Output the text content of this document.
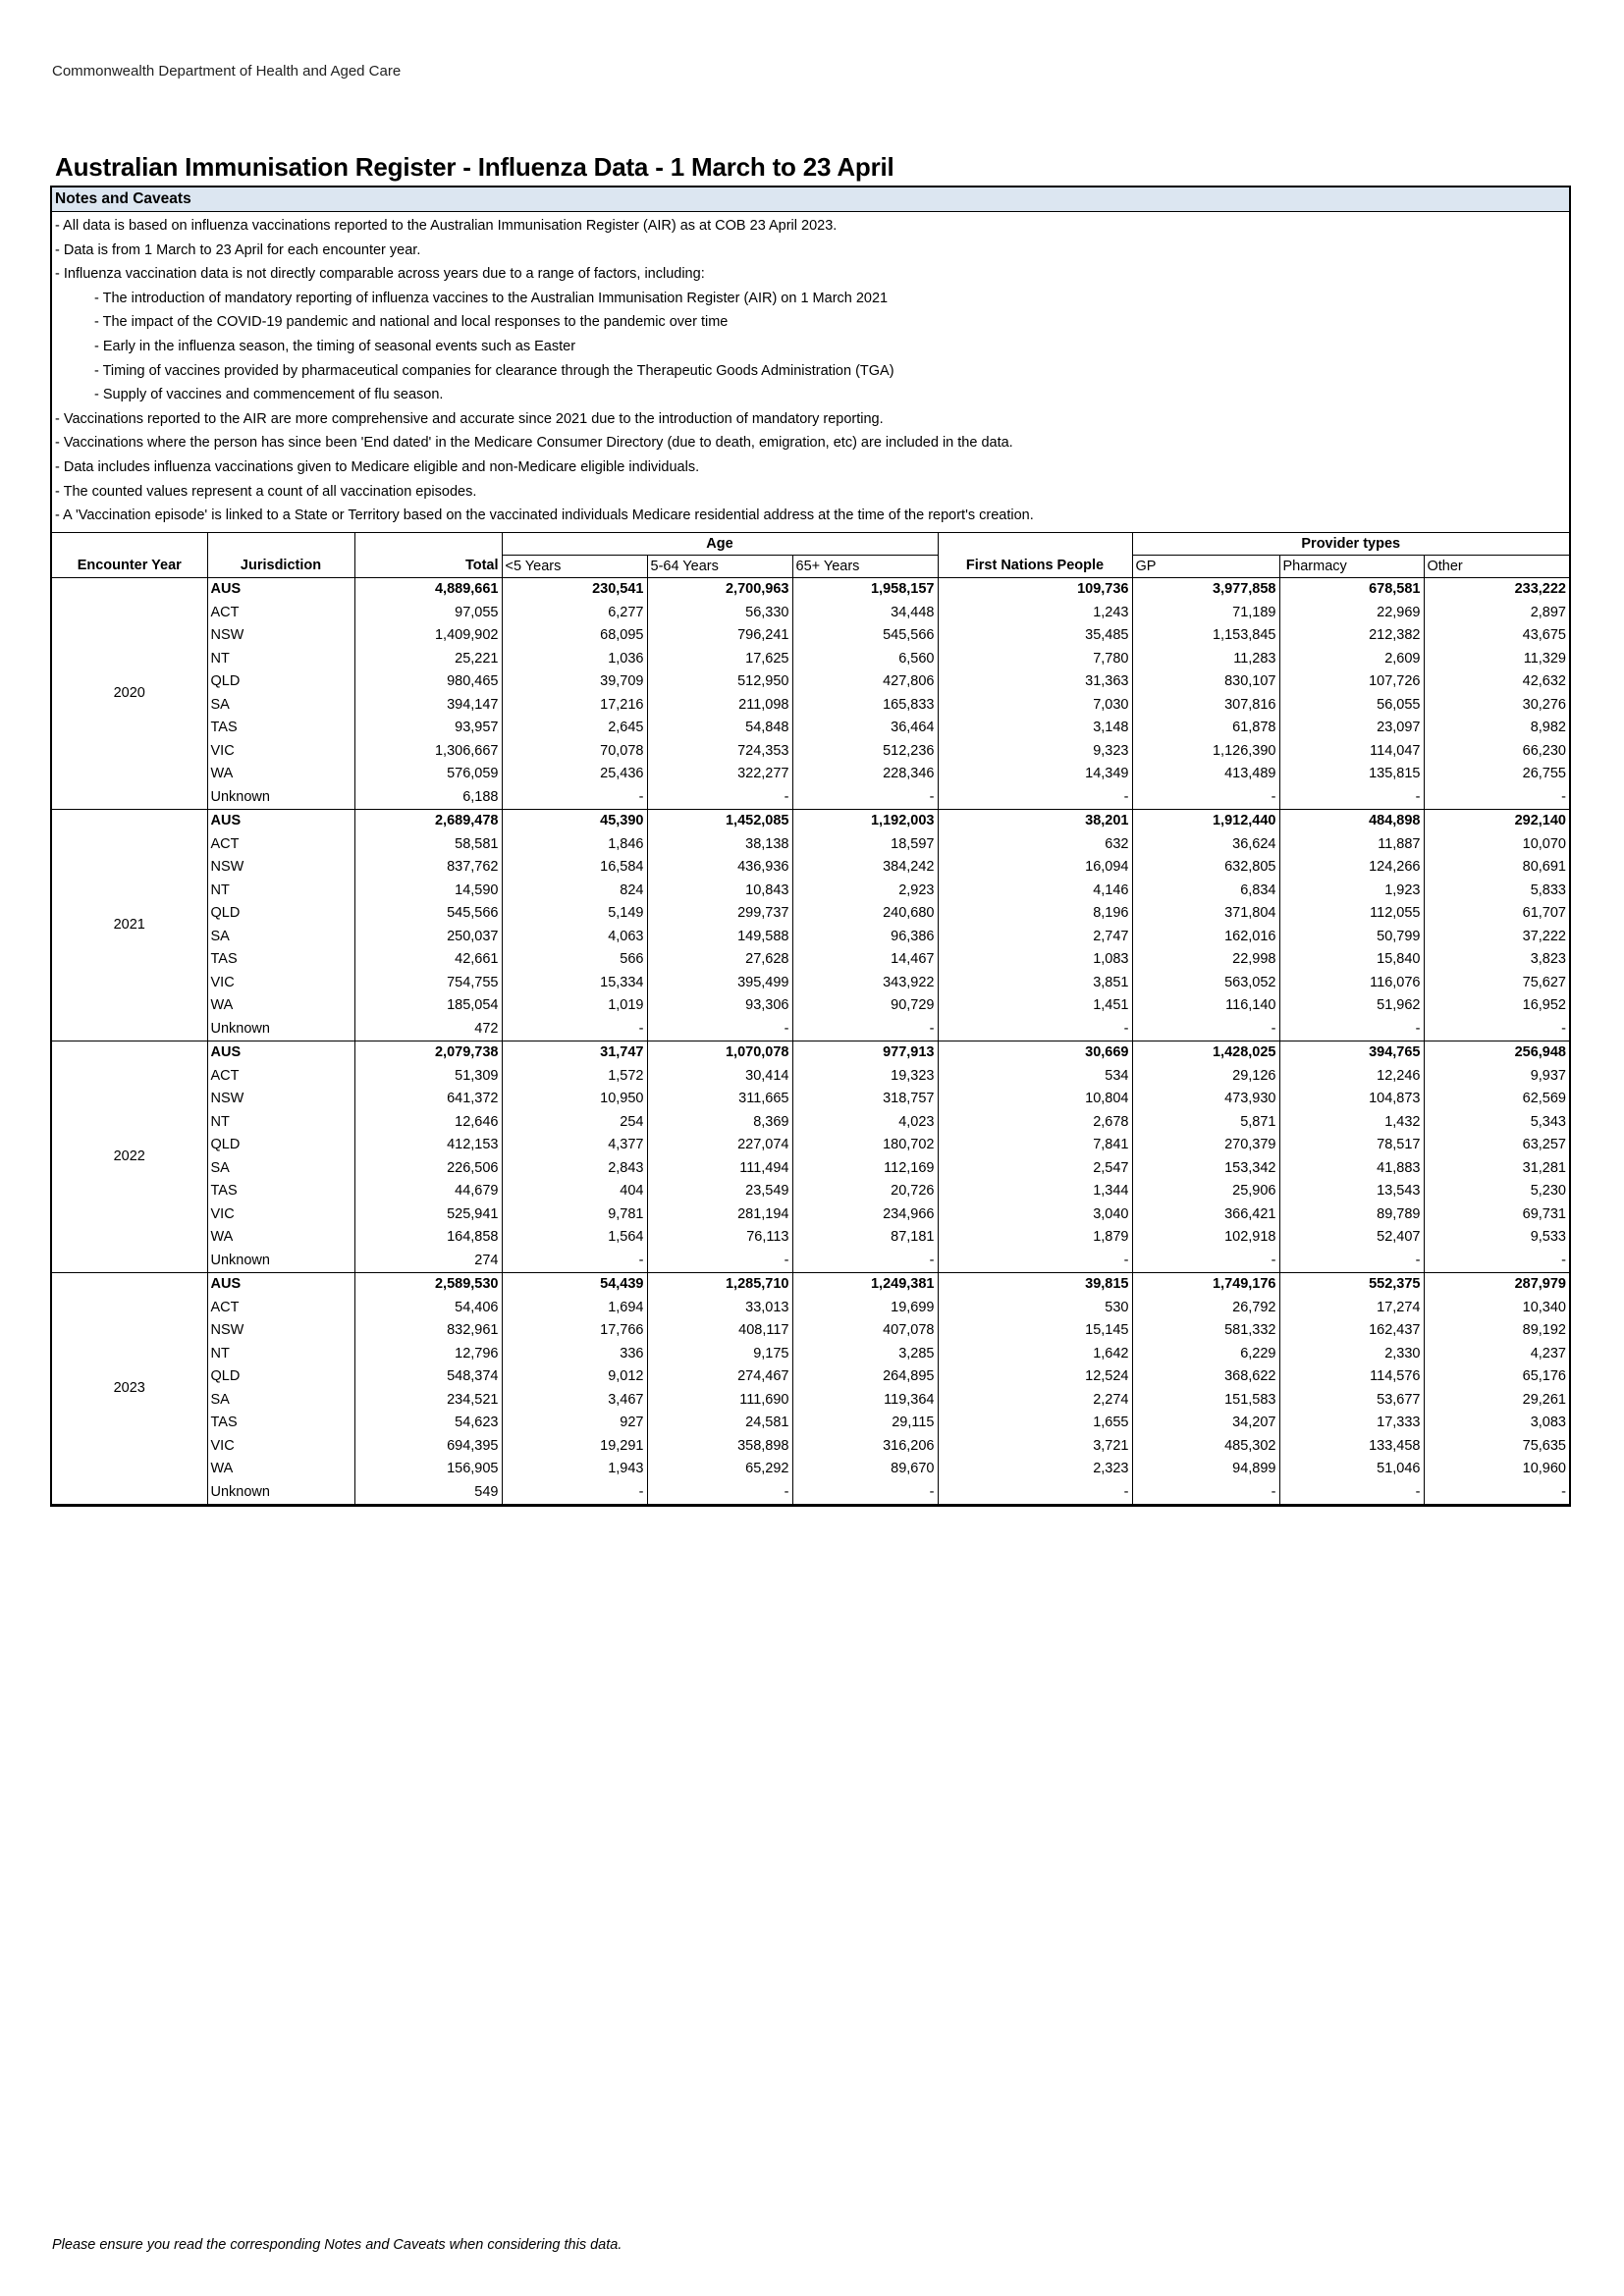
Commonwealth Department of Health and Aged Care
Australian Immunisation Register - Influenza Data - 1 March to 23 April
Notes and Caveats
- All data is based on influenza vaccinations reported to the Australian Immunisation Register (AIR) as at COB 23 April 2023.
- Data is from 1 March to 23 April for each encounter year.
- Influenza vaccination data is not directly comparable across years due to a range of factors, including:
- The introduction of mandatory reporting of influenza vaccines to the Australian Immunisation Register (AIR) on 1 March 2021
- The impact of the COVID-19 pandemic and national and local responses to the pandemic over time
- Early in the influenza season, the timing of seasonal events such as Easter
- Timing of vaccines provided by pharmaceutical companies for clearance through the Therapeutic Goods Administration (TGA)
- Supply of vaccines and commencement of flu season.
- Vaccinations reported to the AIR are more comprehensive and accurate since 2021 due to the introduction of mandatory reporting.
- Vaccinations where the person has since been 'End dated' in the Medicare Consumer Directory (due to death, emigration, etc) are included in the data.
- Data includes influenza vaccinations given to Medicare eligible and non-Medicare eligible individuals.
- The counted values represent a count of all vaccination episodes.
- A 'Vaccination episode' is linked to a State or Territory based on the vaccinated individuals Medicare residential address at the time of the report's creation.
			Age				Provider types		
Encounter Year	Jurisdiction	Total	<5 Years	5-64 Years	65+ Years	First Nations People	GP	Pharmacy	Other
2020	AUS	4,889,661	230,541	2,700,963	1,958,157	109,736	3,977,858	678,581	233,222
	ACT	97,055	6,277	56,330	34,448	1,243	71,189	22,969	2,897
	NSW	1,409,902	68,095	796,241	545,566	35,485	1,153,845	212,382	43,675
	NT	25,221	1,036	17,625	6,560	7,780	11,283	2,609	11,329
	QLD	980,465	39,709	512,950	427,806	31,363	830,107	107,726	42,632
	SA	394,147	17,216	211,098	165,833	7,030	307,816	56,055	30,276
	TAS	93,957	2,645	54,848	36,464	3,148	61,878	23,097	8,982
	VIC	1,306,667	70,078	724,353	512,236	9,323	1,126,390	114,047	66,230
	WA	576,059	25,436	322,277	228,346	14,349	413,489	135,815	26,755
	Unknown	6,188	-	-	-	-	-	-	-
2021	AUS	2,689,478	45,390	1,452,085	1,192,003	38,201	1,912,440	484,898	292,140
	ACT	58,581	1,846	38,138	18,597	632	36,624	11,887	10,070
	NSW	837,762	16,584	436,936	384,242	16,094	632,805	124,266	80,691
	NT	14,590	824	10,843	2,923	4,146	6,834	1,923	5,833
	QLD	545,566	5,149	299,737	240,680	8,196	371,804	112,055	61,707
	SA	250,037	4,063	149,588	96,386	2,747	162,016	50,799	37,222
	TAS	42,661	566	27,628	14,467	1,083	22,998	15,840	3,823
	VIC	754,755	15,334	395,499	343,922	3,851	563,052	116,076	75,627
	WA	185,054	1,019	93,306	90,729	1,451	116,140	51,962	16,952
	Unknown	472	-	-	-	-	-	-	-
2022	AUS	2,079,738	31,747	1,070,078	977,913	30,669	1,428,025	394,765	256,948
	ACT	51,309	1,572	30,414	19,323	534	29,126	12,246	9,937
	NSW	641,372	10,950	311,665	318,757	10,804	473,930	104,873	62,569
	NT	12,646	254	8,369	4,023	2,678	5,871	1,432	5,343
	QLD	412,153	4,377	227,074	180,702	7,841	270,379	78,517	63,257
	SA	226,506	2,843	111,494	112,169	2,547	153,342	41,883	31,281
	TAS	44,679	404	23,549	20,726	1,344	25,906	13,543	5,230
	VIC	525,941	9,781	281,194	234,966	3,040	366,421	89,789	69,731
	WA	164,858	1,564	76,113	87,181	1,879	102,918	52,407	9,533
	Unknown	274	-	-	-	-	-	-	-
2023	AUS	2,589,530	54,439	1,285,710	1,249,381	39,815	1,749,176	552,375	287,979
	ACT	54,406	1,694	33,013	19,699	530	26,792	17,274	10,340
	NSW	832,961	17,766	408,117	407,078	15,145	581,332	162,437	89,192
	NT	12,796	336	9,175	3,285	1,642	6,229	2,330	4,237
	QLD	548,374	9,012	274,467	264,895	12,524	368,622	114,576	65,176
	SA	234,521	3,467	111,690	119,364	2,274	151,583	53,677	29,261
	TAS	54,623	927	24,581	29,115	1,655	34,207	17,333	3,083
	VIC	694,395	19,291	358,898	316,206	3,721	485,302	133,458	75,635
	WA	156,905	1,943	65,292	89,670	2,323	94,899	51,046	10,960
	Unknown	549	-	-	-	-	-	-	-
Please ensure you read the corresponding Notes and Caveats when considering this data.
